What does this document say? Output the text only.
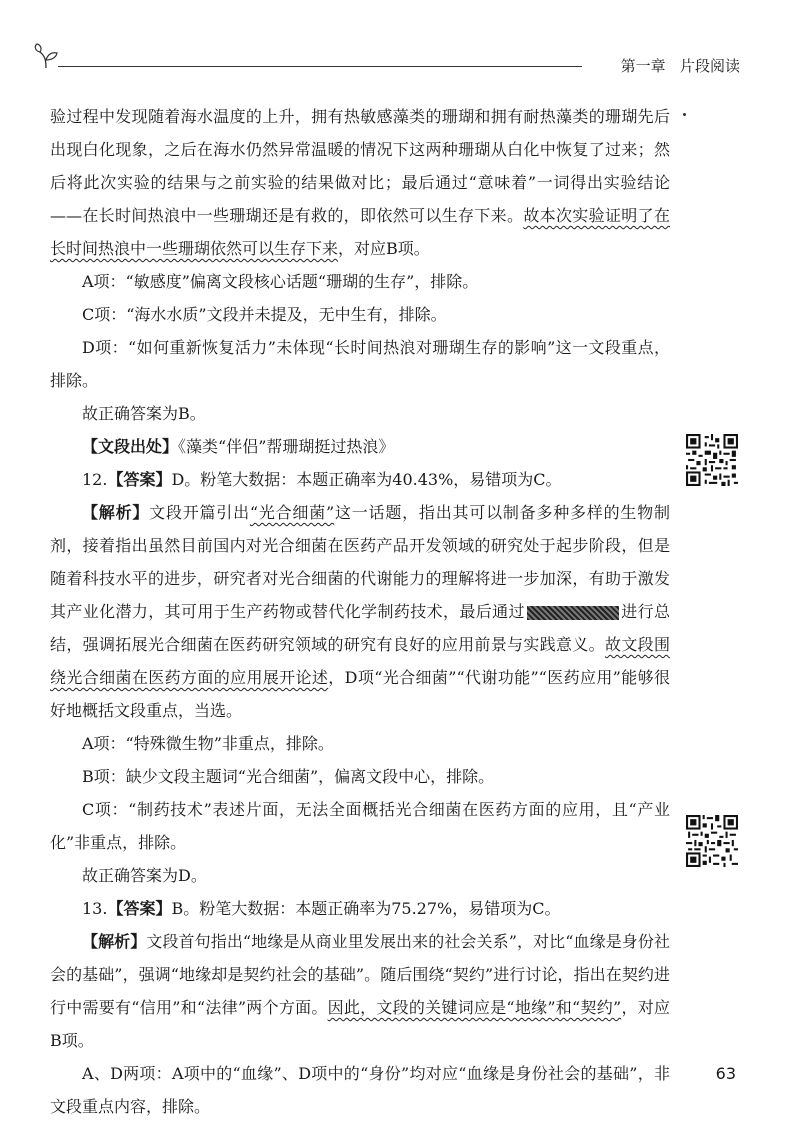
第一章 片段阅读

验过程中发现随着海水温度的上升，拥有热敏感藻类的珊瑚和拥有耐热藻类的珊瑚先后出现白化现象，之后在海水仍然异常温暖的情况下这两种珊瑚从白化中恢复了过来；然后将此次实验的结果与之前实验的结果做对比；最后通过“意味着”一词得出实验结论——在长时间热浪中一些珊瑚还是有救的，即依然可以生存下来。故本次实验证明了在长时间热浪中一些珊瑚依然可以生存下来，对应B项。

A项：“敏感度”偏离文段核心话题“珊瑚的生存”，排除。

C项：“海水水质”文段并未提及，无中生有，排除。

D项：“如何重新恢复活力”未体现“长时间热浪对珊瑚生存的影响”这一文段重点，排除。

故正确答案为B。

【文段出处】《藻类“伴侣”帮珊瑚挺过热浪》

12.【答案】D。粉笔大数据：本题正确率为40.43%，易错项为C。

【解析】文段开篇引出“光合细菌”这一话题，指出其可以制备多种多样的生物制剂，接着指出虽然目前国内对光合细菌在医药产品开发领域的研究处于起步阶段，但是随着科技水平的进步，研究者对光合细菌的代谢能力的理解将进一步加深，有助于激发其产业化潜力，其可用于生产药物或替代化学制药技术，最后通过	进行总结，强调拓展光合细菌在医药研究领域的研究有良好的应用前景与实践意义。故文段围绕光合细菌在医药方面的应用展开论述，D项“光合细菌”“代谢功能”“医药应用”能够很好地概括文段重点，当选。

A项：“特殊微生物”非重点，排除。

B项：缺少文段主题词“光合细菌”，偏离文段中心，排除。

C项：“制药技术”表述片面，无法全面概括光合细菌在医药方面的应用，且“产业化”非重点，排除。

故正确答案为D。

13.【答案】B。粉笔大数据：本题正确率为75.27%，易错项为C。

【解析】文段首句指出“地缘是从商业里发展出来的社会关系”，对比“血缘是身份社会的基础”，强调“地缘却是契约社会的基础”。随后围绕“契约”进行讨论，指出在契约进行中需要有“信用”和“法律”两个方面。因此，文段的关键词应是“地缘”和“契约”，对应B项。

A、D两项：A项中的“血缘”、D项中的“身份”均对应“血缘是身份社会的基础”，非文段重点内容，排除。

63
